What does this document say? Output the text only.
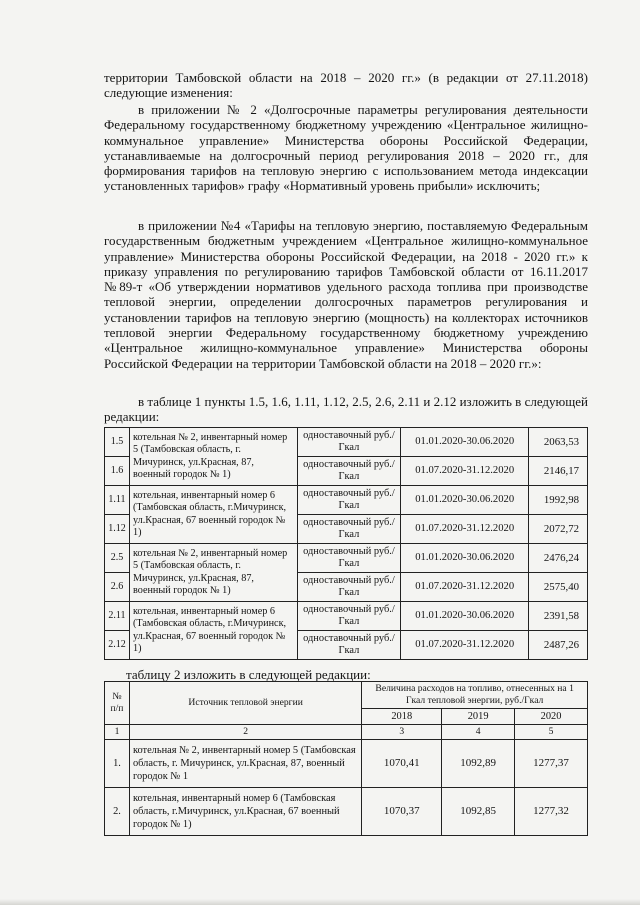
территории Тамбовской области на 2018 – 2020 гг.» (в редакции от 27.11.2018) следующие изменения:
в приложении № 2 «Долгосрочные параметры регулирования деятельности Федеральному государственному бюджетному учреждению «Центральное жилищно-коммунальное управление» Министерства обороны Российской Федерации, устанавливаемые на долгосрочный период регулирования 2018 – 2020 гг., для формирования тарифов на тепловую энергию с использованием метода индексации установленных тарифов» графу «Нормативный уровень прибыли» исключить;
в приложении №4 «Тарифы на тепловую энергию, поставляемую Федеральным государственным бюджетным учреждением «Центральное жилищно-коммунальное управление» Министерства обороны Российской Федерации, на 2018 - 2020 гг.» к приказу управления по регулированию тарифов Тамбовской области от 16.11.2017 №89-т «Об утверждении нормативов удельного расхода топлива при производстве тепловой энергии, определении долгосрочных параметров регулирования и установлении тарифов на тепловую энергию (мощность) на коллекторах источников тепловой энергии Федеральному государственному бюджетному учреждению «Центральное жилищно-коммунальное управление» Министерства обороны Российской Федерации на территории Тамбовской области на 2018 – 2020 гг.»:
в таблице 1 пункты 1.5, 1.6, 1.11, 1.12, 2.5, 2.6, 2.11 и 2.12 изложить в следующей редакции:
1.5	котельная № 2, инвентарный номер 5 (Тамбовская область, г. Мичуринск, ул.Красная, 87, военный городок № 1)	одноставочный руб./Гкал	01.01.2020-30.06.2020	2063,53
1.6		одноставочный руб./Гкал	01.07.2020-31.12.2020	2146,17
1.11	котельная, инвентарный номер 6 (Тамбовская область, г.Мичуринск, ул.Красная, 67 военный городок № 1)	одноставочный руб./Гкал	01.01.2020-30.06.2020	1992,98
1.12		одноставочный руб./Гкал	01.07.2020-31.12.2020	2072,72
2.5	котельная № 2, инвентарный номер 5 (Тамбовская область, г. Мичуринск, ул.Красная, 87, военный городок № 1)	одноставочный руб./Гкал	01.01.2020-30.06.2020	2476,24
2.6		одноставочный руб./Гкал	01.07.2020-31.12.2020	2575,40
2.11	котельная, инвентарный номер 6 (Тамбовская область, г.Мичуринск, ул.Красная, 67 военный городок № 1)	одноставочный руб./Гкал	01.01.2020-30.06.2020	2391,58
2.12		одноставочный руб./Гкал	01.07.2020-31.12.2020	2487,26
таблицу 2 изложить в следующей редакции:
№ п/п	Источник тепловой энергии	Величина расходов на топливо, отнесенных на 1 Гкал тепловой энергии, руб./Гкал		
		2018	2019	2020
1	2	3	4	5
1.	котельная № 2, инвентарный номер 5 (Тамбовская область, г. Мичуринск, ул.Красная, 87, военный городок № 1	1070,41	1092,89	1277,37
2.	котельная, инвентарный номер 6 (Тамбовская область, г.Мичуринск, ул.Красная, 67 военный городок № 1)	1070,37	1092,85	1277,32
